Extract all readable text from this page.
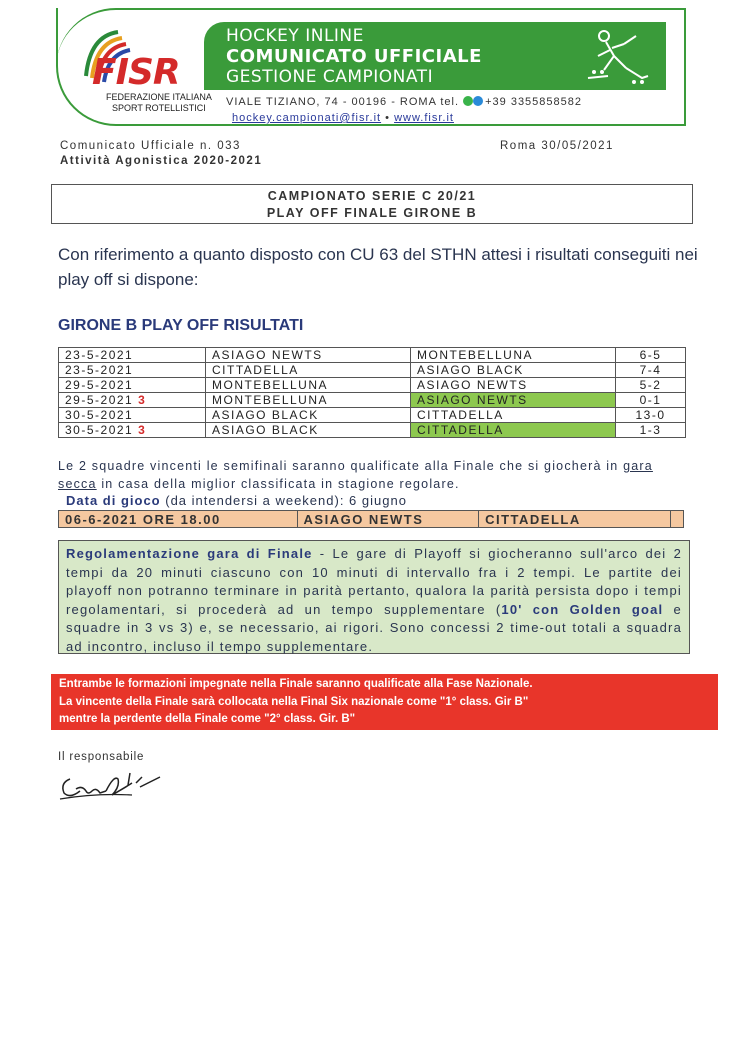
FISR
FEDERAZIONE ITALIANA
SPORT ROTELLISTICI
HOCKEY INLINE
COMUNICATO UFFICIALE
GESTIONE CAMPIONATI
VIALE TIZIANO, 74 - 00196 - ROMA tel. +39 3355858582
hockey.campionati@fisr.it • www.fisr.it
Comunicato Ufficiale n. 033
Attività Agonistica 2020-2021
Roma 30/05/2021
CAMPIONATO SERIE C 20/21
PLAY OFF FINALE GIRONE B
Con riferimento a quanto disposto con CU 63 del STHN attesi i risultati conseguiti nei play off si dispone:
GIRONE B PLAY OFF RISULTATI
23-5-2021	ASIAGO NEWTS	MONTEBELLUNA	6-5
23-5-2021	CITTADELLA	ASIAGO BLACK	7-4
29-5-2021	MONTEBELLUNA	ASIAGO NEWTS	5-2
29-5-2021 3	MONTEBELLUNA	ASIAGO NEWTS	0-1
30-5-2021	ASIAGO BLACK	CITTADELLA	13-0
30-5-2021 3	ASIAGO BLACK	CITTADELLA	1-3
Le 2 squadre vincenti le semifinali saranno qualificate alla Finale che si giocherà in gara secca in casa della miglior classificata in stagione regolare.
Data di gioco (da intendersi a weekend): 6 giugno
06-6-2021 ORE 18.00	ASIAGO NEWTS	CITTADELLA	

Regolamentazione gara di Finale - Le gare di Playoff si giocheranno sull'arco dei 2 tempi da 20 minuti ciascuno con 10 minuti di intervallo fra i 2 tempi. Le partite dei playoff non potranno terminare in parità pertanto, qualora la parità persista dopo i tempi regolamentari, si procederà ad un tempo supplementare (10' con Golden goal e squadre in 3 vs 3) e, se necessario, ai rigori. Sono concessi 2 time-out totali a squadra ad incontro, incluso il tempo supplementare.

Entrambe le formazioni impegnate nella Finale saranno qualificate alla Fase Nazionale.
La vincente della Finale sarà collocata nella Final Six nazionale come "1° class. Gir B"
mentre la perdente della Finale come "2° class. Gir. B"
Il responsabile
